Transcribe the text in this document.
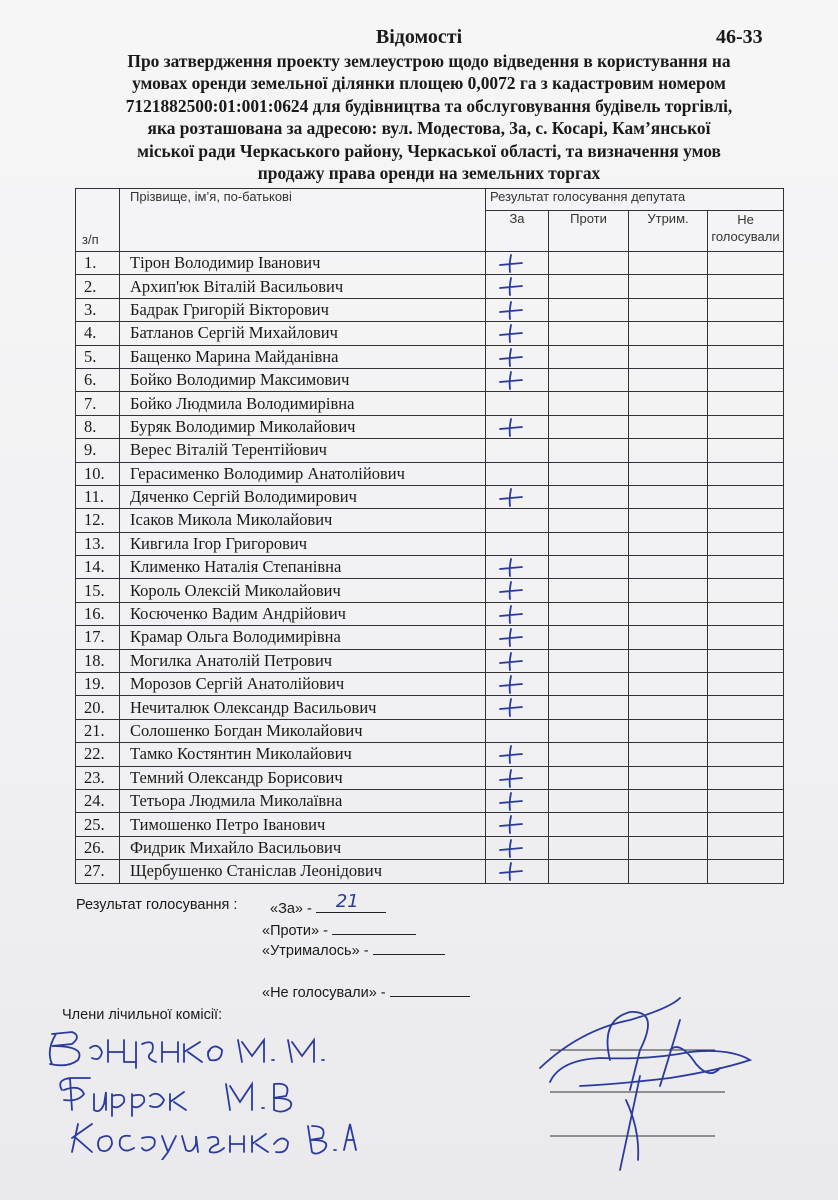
Відомості	46-33
Про затвердження проекту землеустрою щодо відведення в користування на
умовах оренди земельної ділянки площею 0,0072 га з кадастровим номером
7121882500:01:001:0624 для будівництва та обслуговування будівель торгівлі,
яка розташована за адресою: вул. Модестова, 3а, с. Косарі, Кам’янської
міської ради Черкаського району, Черкаської області, та визначення умов
продажу права оренди на земельних торгах
з/п	Прізвище, ім’я, по-батькові	Результат голосування депутата			
		За	Проти	Утрим.	Не голосували
1.	Тірон Володимир Іванович	

2.	Архип'юк Віталій Васильович	

3.	Бадрак Григорій Вікторович	

4.	Батланов Сергій Михайлович	

5.	Бащенко Марина Майданівна	

6.	Бойко Володимир Максимович	

7.	Бойко Людмила Володимирівна				
8.	Буряк Володимир Миколайович	

9.	Верес Віталій Терентійович				
10.	Герасименко Володимир Анатолійович				
11.	Дяченко Сергій Володимирович	

12.	Ісаков Микола Миколайович				
13.	Кивгила Ігор Григорович				
14.	Клименко Наталія Степанівна	

15.	Король Олексій Миколайович	

16.	Косюченко Вадим Андрійович	

17.	Крамар Ольга Володимирівна	

18.	Могилка Анатолій Петрович	

19.	Морозов Сергій Анатолійович	

20.	Нечиталюк Олександр Васильович	

21.	Солошенко Богдан Миколайович				
22.	Тамко Костянтин Миколайович	

23.	Темний Олександр Борисович	

24.	Тетьора Людмила Миколаївна	

25.	Тимошенко Петро Іванович	

26.	Фидрик Михайло Васильович	

27.	Щербушенко Станіслав Леонідович	

Результат голосування : «За» - 21
«Проти» -
«Утрималось» -
«Не голосували» -
Члени лічильної комісії:
